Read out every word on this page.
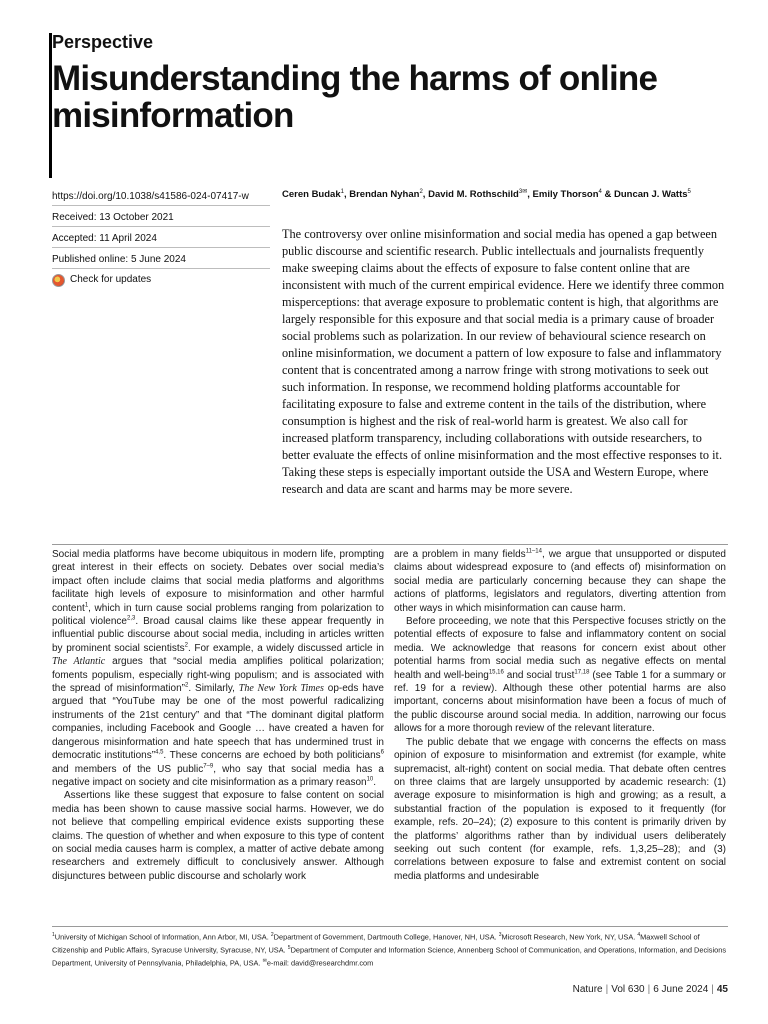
Perspective
Misunderstanding the harms of online misinformation
https://doi.org/10.1038/s41586-024-07417-w
Received: 13 October 2021
Accepted: 11 April 2024
Published online: 5 June 2024
Check for updates
Ceren Budak$^1$, Brendan Nyhan$^2$, David M. Rothschild$^{3✉}$, Emily Thorson$^4$ & Duncan J. Watts$^5$

The controversy over online misinformation and social media has opened a gap between public discourse and scientific research. Public intellectuals and journalists frequently make sweeping claims about the effects of exposure to false content online that are inconsistent with much of the current empirical evidence. Here we identify three common misperceptions: that average exposure to problematic content is high, that algorithms are largely responsible for this exposure and that social media is a primary cause of broader social problems such as polarization. In our review of behavioural science research on online misinformation, we document a pattern of low exposure to false and inflammatory content that is concentrated among a narrow fringe with strong motivations to seek out such information. In response, we recommend holding platforms accountable for facilitating exposure to false and extreme content in the tails of the distribution, where consumption is highest and the risk of real-world harm is greatest. We also call for increased platform transparency, including collaborations with outside researchers, to better evaluate the effects of online misinformation and the most effective responses to it. Taking these steps is especially important outside the USA and Western Europe, where research and data are scant and harms may be more severe.

Social media platforms have become ubiquitous in modern life, prompting great interest in their effects on society. Debates over social media’s impact often include claims that social media platforms and algorithms facilitate high levels of exposure to misinformation and other harmful content$^1$, which in turn cause social problems ranging from polarization to political violence$^{2,3}$. Broad causal claims like these appear frequently in influential public discourse about social media, including in articles written by prominent social scientists$^2$. For example, a widely discussed article in The Atlantic argues that “social media amplifies political polarization; foments populism, especially right-wing populism; and is associated with the spread of misinformation”$^2$. Similarly, The New York Times op-eds have argued that “YouTube may be one of the most powerful radicalizing instruments of the 21st century” and that “The dominant digital platform companies, including Facebook and Google … have created a haven for dangerous misinformation and hate speech that has undermined trust in democratic institutions”$^{4,5}$. These concerns are echoed by both politicians$^6$ and members of the US public$^{7-9}$, who say that social media has a negative impact on society and cite misinformation as a primary reason$^{10}$.

Assertions like these suggest that exposure to false content on social media has been shown to cause massive social harms. However, we do not believe that compelling empirical evidence exists supporting these claims. The question of whether and when exposure to this type of content on social media causes harm is complex, a matter of active debate among researchers and extremely difficult to conclusively answer. Although disjunctures between public discourse and scholarly work

are a problem in many fields$^{11-14}$, we argue that unsupported or disputed claims about widespread exposure to (and effects of) misinformation on social media are particularly concerning because they can shape the actions of platforms, legislators and regulators, diverting attention from other ways in which misinformation can cause harm.

Before proceeding, we note that this Perspective focuses strictly on the potential effects of exposure to false and inflammatory content on social media. We acknowledge that reasons for concern exist about other potential harms from social media such as negative effects on mental health and well-being$^{15,16}$ and social trust$^{17,18}$ (see Table 1 for a summary or ref. 19 for a review). Although these other potential harms are also important, concerns about misinformation have been a focus of much of the public discourse around social media. In addition, narrowing our focus allows for a more thorough review of the relevant literature.

The public debate that we engage with concerns the effects on mass opinion of exposure to misinformation and extremist (for example, white supremacist, alt-right) content on social media. That debate often centres on three claims that are largely unsupported by academic research: (1) average exposure to misinformation is high and growing; as a result, a substantial fraction of the population is exposed to it frequently (for example, refs. 20–24); (2) exposure to this content is primarily driven by the platforms’ algorithms rather than by individual users deliberately seeking out such content (for example, refs. 1,3,25–28); and (3) correlations between exposure to false and extremist content on social media platforms and undesirable

$^1$University of Michigan School of Information, Ann Arbor, MI, USA. $^2$Department of Government, Dartmouth College, Hanover, NH, USA. $^3$Microsoft Research, New York, NY, USA. $^4$Maxwell School of Citizenship and Public Affairs, Syracuse University, Syracuse, NY, USA. $^5$Department of Computer and Information Science, Annenberg School of Communication, and Operations, Information, and Decisions Department, University of Pennsylvania, Philadelphia, PA, USA. ✉e-mail: david@researchdmr.com

Nature | Vol 630 | 6 June 2024 | 45
